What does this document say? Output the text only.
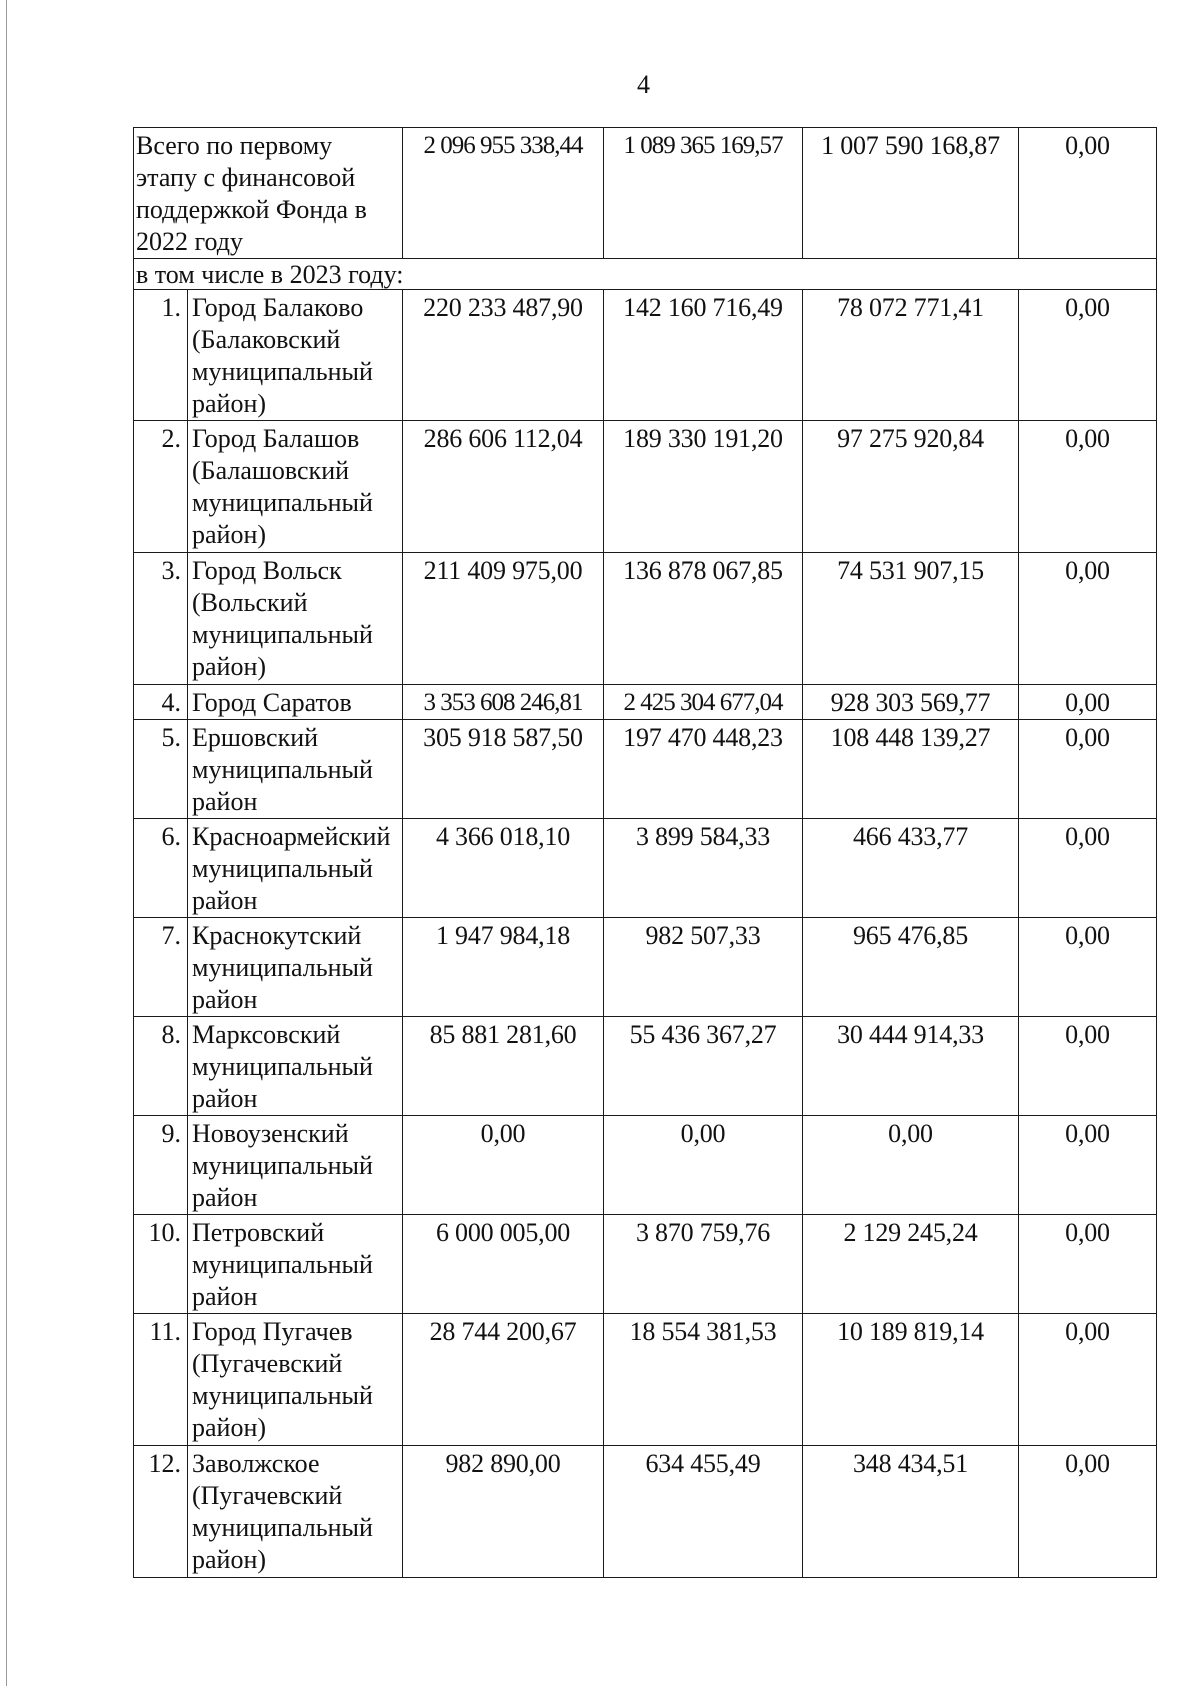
4
Всего по первому этапу с финансовой поддержкой Фонда в 2022 году		2 096 955 338,44	1 089 365 169,57	1 007 590 168,87	0,00
в том числе в 2023 году:					
1.	Город Балаково (Балаковский муниципальный район)	220 233 487,90	142 160 716,49	78 072 771,41	0,00
2.	Город Балашов (Балашовский муниципальный район)	286 606 112,04	189 330 191,20	97 275 920,84	0,00
3.	Город Вольск (Вольский муниципальный район)	211 409 975,00	136 878 067,85	74 531 907,15	0,00
4.	Город Саратов	3 353 608 246,81	2 425 304 677,04	928 303 569,77	0,00
5.	Ершовский муниципальный район	305 918 587,50	197 470 448,23	108 448 139,27	0,00
6.	Красноармейский муниципальный район	4 366 018,10	3 899 584,33	466 433,77	0,00
7.	Краснокутский муниципальный район	1 947 984,18	982 507,33	965 476,85	0,00
8.	Марксовский муниципальный район	85 881 281,60	55 436 367,27	30 444 914,33	0,00
9.	Новоузенский муниципальный район	0,00	0,00	0,00	0,00
10.	Петровский муниципальный район	6 000 005,00	3 870 759,76	2 129 245,24	0,00
11.	Город Пугачев (Пугачевский муниципальный район)	28 744 200,67	18 554 381,53	10 189 819,14	0,00
12.	Заволжское (Пугачевский муниципальный район)	982 890,00	634 455,49	348 434,51	0,00
